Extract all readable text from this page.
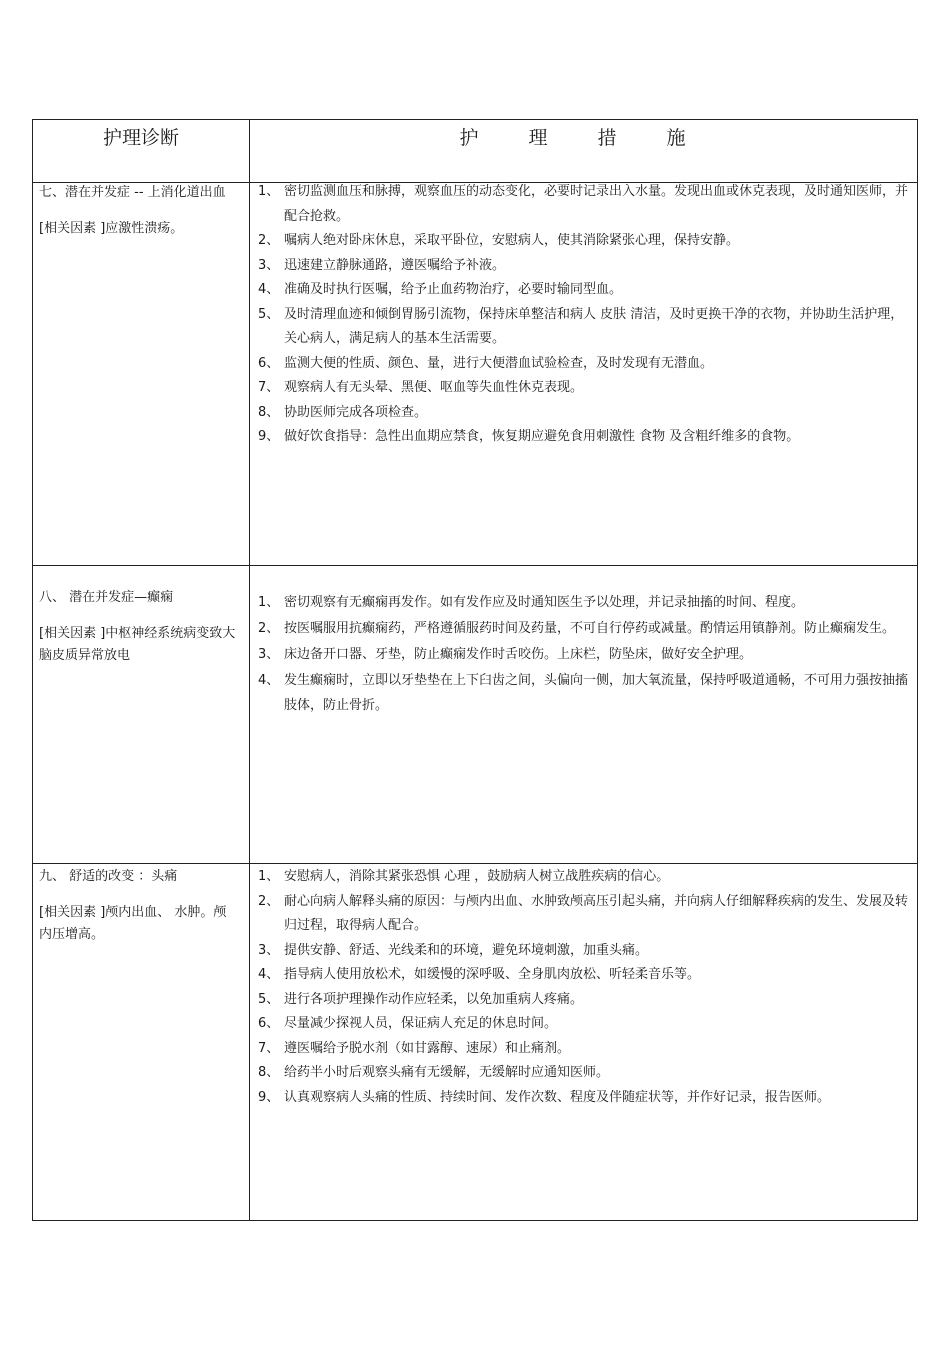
护理诊断	护 理 措 施
七、潜在并发症 -- 上消化道出血
[相关因素 ]应激性溃疡。
1、 密切监测血压和脉搏，观察血压的动态变化，必要时记录出入水量。发现出血或休克表现，及时通知医师，并配合抢救。
2、 嘱病人绝对卧床休息，采取平卧位，安慰病人，使其消除紧张心理，保持安静。
3、 迅速建立静脉通路，遵医嘱给予补液。
4、 准确及时执行医嘱，给予止血药物治疗，必要时输同型血。
5、 及时清理血迹和倾倒胃肠引流物，保持床单整洁和病人 皮肤 清洁，及时更换干净的衣物，并协助生活护理，关心病人，满足病人的基本生活需要。
6、 监测大便的性质、颜色、量，进行大便潜血试验检查，及时发现有无潜血。
7、 观察病人有无头晕、黑便、呕血等失血性休克表现。
8、 协助医师完成各项检查。
9、 做好饮食指导：急性出血期应禁食，恢复期应避免食用刺激性 食物 及含粗纤维多的食物。
八、 潜在并发症—癫痫
[相关因素 ]中枢神经系统病变致大脑皮质异常放电
1、 密切观察有无癫痫再发作。如有发作应及时通知医生予以处理，并记录抽搐的时间、程度。
2、 按医嘱服用抗癫痫药，严格遵循服药时间及药量，不可自行停药或减量。酌情运用镇静剂。防止癫痫发生。
3、 床边备开口器、牙垫，防止癫痫发作时舌咬伤。上床栏，防坠床，做好安全护理。
4、 发生癫痫时，立即以牙垫垫在上下臼齿之间，头偏向一侧，加大氧流量，保持呼吸道通畅，不可用力强按抽搐肢体，防止骨折。
九、 舒适的改变 ：头痛
[相关因素 ]颅内出血、 水肿。颅内压增高。
1、 安慰病人，消除其紧张恐惧 心理 ，鼓励病人树立战胜疾病的信心。
2、 耐心向病人解释头痛的原因：与颅内出血、水肿致颅高压引起头痛，并向病人仔细解释疾病的发生、发展及转归过程，取得病人配合。
3、 提供安静、舒适、光线柔和的环境，避免环境刺激，加重头痛。
4、 指导病人使用放松术，如缓慢的深呼吸、全身肌肉放松、听轻柔音乐等。
5、 进行各项护理操作动作应轻柔，以免加重病人疼痛。
6、 尽量减少探视人员，保证病人充足的休息时间。
7、 遵医嘱给予脱水剂（如甘露醇、速尿）和止痛剂。
8、 给药半小时后观察头痛有无缓解，无缓解时应通知医师。
9、 认真观察病人头痛的性质、持续时间、发作次数、程度及伴随症状等，并作好记录，报告医师。
